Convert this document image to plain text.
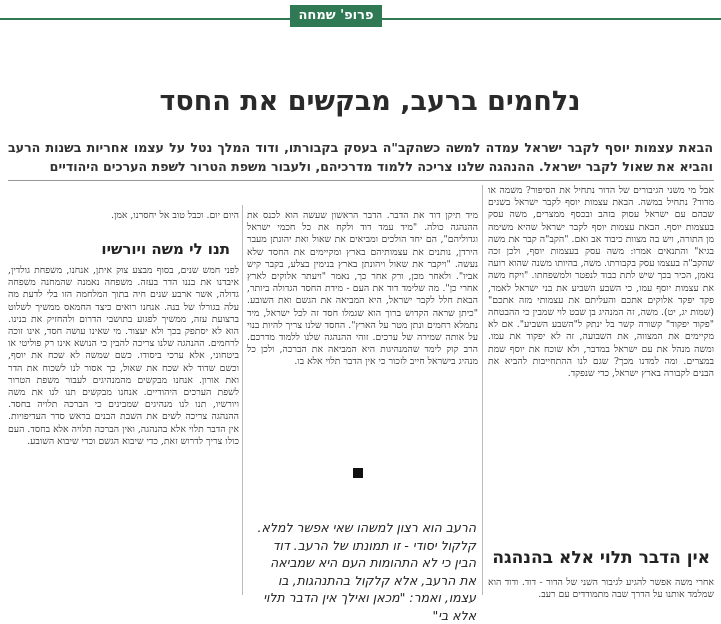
פרופ' שמחה גולדין
נלחמים ברעב, מבקשים את החסד
הבאת עצמות יוסף לקבר ישראל עמדה למשה כשהקב"ה בעסק בקבורתו, ודוד המלך נטל על עצמו אחריות בשנות הרעב והביא את שאול לקבר ישראל. ההנהגה שלנו צריכה ללמוד מדרכיהם, ולעבור משפת הטרור לשפת הערכים היהודיים

אבל מי משני הגיבורים של הדור נתחיל את הסיפור? משמה או מדוד? נתחיל במשה. הבאת עצמות יוסף לקבר ישראל בשנים שבהם עם ישראל עסוק בזהב ובכסף ממצרים, משה עסק בעצמות יוסף. הבאת עצמות יוסף לקבר ישראל שהיא משימה מן התורה, ויש בה מצוות כיבוד אב ואם. "הקב"ה קבר את משה בגיא" והתנאים אמרו: משה עסק בעצמות יוסף, ולכן זכה שהקב"ה בעצמו עסק בקבורתו. משה, בהיותו משנה שהוא רועה נאמן, הכיר בכך שיש לתת כבוד לנפטר ולמשפחתו. "ויקח משה את עצמות יוסף עמו, כי השבע השביע את בני ישראל לאמר, פקד יפקד אלוקים אתכם והעליתם את עצמותי מזה אתכם" (שמות יג, יט). משה, זה המנהיג בן שבט לוי שמבין כי ההבטחה "פקוד יפקוד" קשורה קשר בל ינתק ל"השבע השביע". אם לא מקיימים את המצווה, את השבועה, זה לא יפקוד את עמו. ומשה מנהל את עם ישראל במדבר, ולא שוכח את יוסף שמת במצרים. ומה למדנו מכך? שגם לנו ההתחייבות להביא את הבנים לקבורה בארץ ישראל, כדי שנפקד.

אין הדבר תלוי אלא בהנהגה
אחרי משה אפשר להגיע לגיבור השני של הדור - דוד. ודוד הוא שמלמד אותנו על הדרך שבה מתמודדים עם רעב.

מיד תיקן דוד את הדבר. הדבר הראשון שעשה הוא לכנס את ההנהגה כולה. "מיד עמד דוד ולקח את כל חכמי ישראל וגדוליהם", הם יחד הולכים ומביאים את שאול ואת יהונתן מעבר הירדן, נותנים את עצמותיהם בארץ ומקיימים את החסד שלא נעשה. "ויקבר את שאול ויהונתן בארץ בנימין בצלע, בקבר קיש אביו". ולאחר מכן, ורק אחר כך, נאמר "ויעתר אלוקים לארץ אחרי כן". מה שלימד דוד את העם - מידת החסד הגדולה ביותר, הבאת חלל לקבר ישראל, היא המביאה את הגשם ואת השובע. "כיתן שראה הקדוש ברוך הוא שגמלו חסד זה לכל ישראל, מיד נתמלא רחמים ונתן מטר על הארץ". החסד שלנו צריך להיות בנוי על אותה שמירה של ערכים. זוהי ההנהגה שלנו ללמוד מדרכם. הרב קוק לימד שהמנהיגות היא המביאה את הברכה, ולכן כל מנהיג בישראל חייב לזכור כי אין הדבר תלוי אלא בו.

הרעב הוא רצון למשהו שאי אפשר למלא. קלקול יסודי - זו תמונתו של הרעב. דוד הבין כי לא התהומות העם היא שמביאה את הרעב, אלא קלקול בהתנהגות, בו עצמו, ואמר: "מכאן ואילך אין הדבר תלוי אלא בי"

היום יום. וכבל טוב אל יחסרנו, אמן.

תנו לי משה ויורשיו

לפני חמש שנים, בסוף מבצע צוק איתן, אנחנו, משפחת גולדין, איבדנו את בננו הדר בעזה. משפחה נאמנה שהמחנה משפחה גדולה, אשר ארבע שנים חיה בתוך המלחמה הזו בלי לדעת מה עלה בגורלו של בנה. אנחנו רואים כיצד החמאס ממשיך לשלוט ברצועת עזה, ממשיך לפגוע בתושבי הדרום ולהחזיק את בנינו. הוא לא יסתפק בכך ולא יעצור. מי שאינו עושה חסד, אינו זוכה לרחמים. ההנהגה שלנו צריכה להבין כי הנושא אינו רק פוליטי או ביטחוני, אלא ערכי ביסודו. כשם שמשה לא שכח את יוסף, וכשם שדוד לא שכח את שאול, כך אסור לנו לשכוח את הדר ואת אורון. אנחנו מבקשים מהמנהיגים לעבור משפת הטרור לשפת הערכים היהודיים. אנחנו מבקשים תנו לנו את משה ויורשיו, תנו לנו מנהיגים שמבינים כי הברכה תלויה בחסד. ההנהגה צריכה לשים את השבת הבנים בראש סדר העדיפויות. אין הדבר תלוי אלא בהנהגה, ואין הברכה תלויה אלא בחסד. העם כולו צריך לדרוש זאת, כדי שיבוא הגשם וכדי שיבוא השובע.
